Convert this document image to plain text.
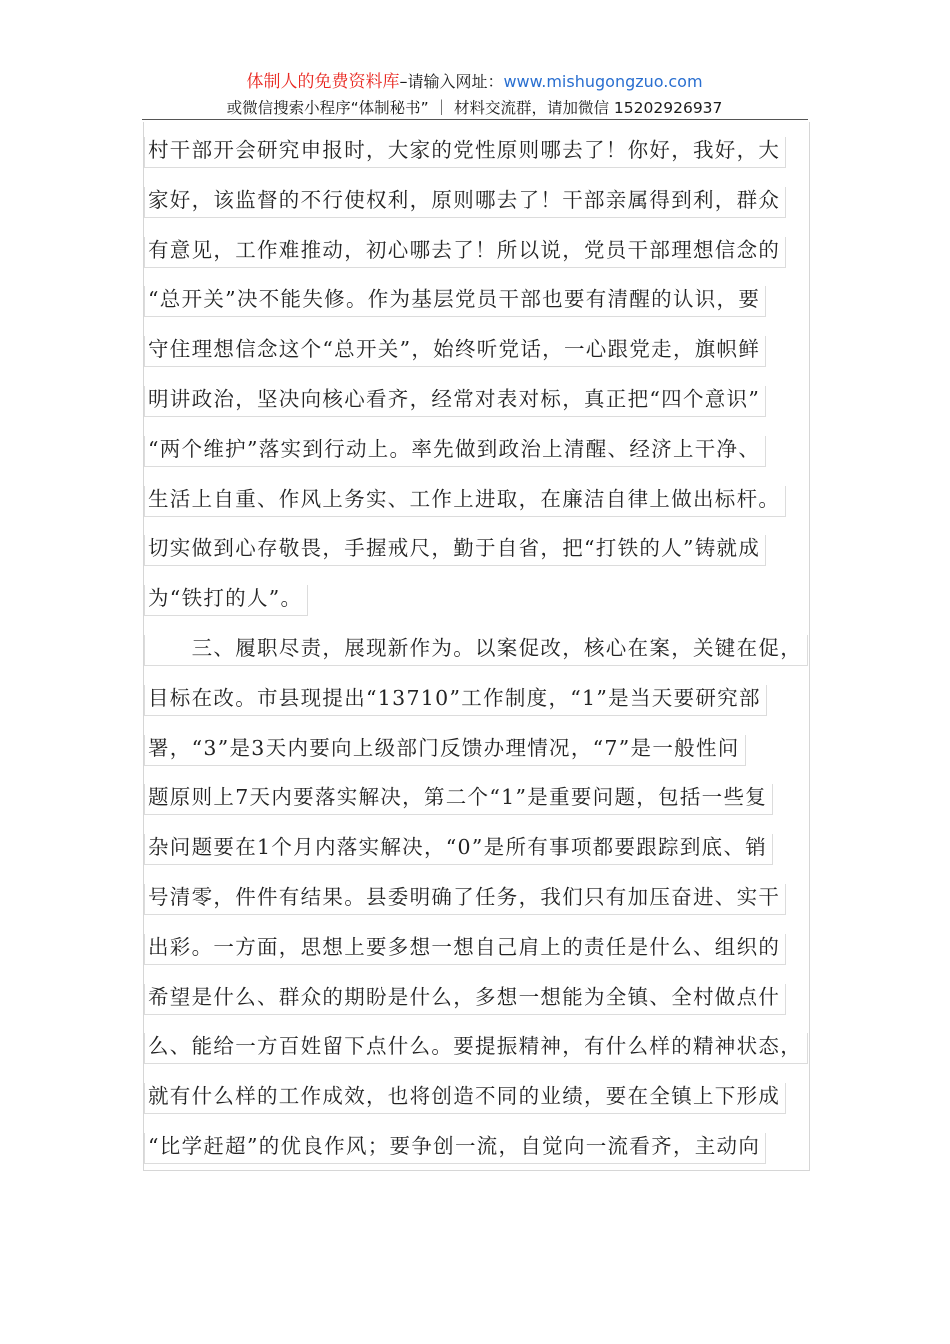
体制人的免费资料库–请输入网址：www.mishugongzuo.com
或微信搜索小程序“体制秘书” ｜ 材料交流群，请加微信 15202926937
村干部开会研究申报时，大家的党性原则哪去了！你好，我好，大
家好，该监督的不行使权利，原则哪去了！干部亲属得到利，群众
有意见，工作难推动，初心哪去了！所以说，党员干部理想信念的
“总开关”决不能失修。作为基层党员干部也要有清醒的认识，要
守住理想信念这个“总开关”，始终听党话，一心跟党走，旗帜鲜
明讲政治，坚决向核心看齐，经常对表对标，真正把“四个意识”
“两个维护”落实到行动上。率先做到政治上清醒、经济上干净、
生活上自重、作风上务实、工作上进取，在廉洁自律上做出标杆。
切实做到心存敬畏，手握戒尺，勤于自省，把“打铁的人”铸就成
为“铁打的人”。
　　三、履职尽责，展现新作为。以案促改，核心在案，关键在促，
目标在改。市县现提出“13710”工作制度，“1”是当天要研究部
署，“3”是3天内要向上级部门反馈办理情况，“7”是一般性问
题原则上7天内要落实解决，第二个“1”是重要问题，包括一些复
杂问题要在1个月内落实解决，“0”是所有事项都要跟踪到底、销
号清零，件件有结果。县委明确了任务，我们只有加压奋进、实干
出彩。一方面，思想上要多想一想自己肩上的责任是什么、组织的
希望是什么、群众的期盼是什么，多想一想能为全镇、全村做点什
么、能给一方百姓留下点什么。要提振精神，有什么样的精神状态，
就有什么样的工作成效，也将创造不同的业绩，要在全镇上下形成
“比学赶超”的优良作风；要争创一流，自觉向一流看齐，主动向
